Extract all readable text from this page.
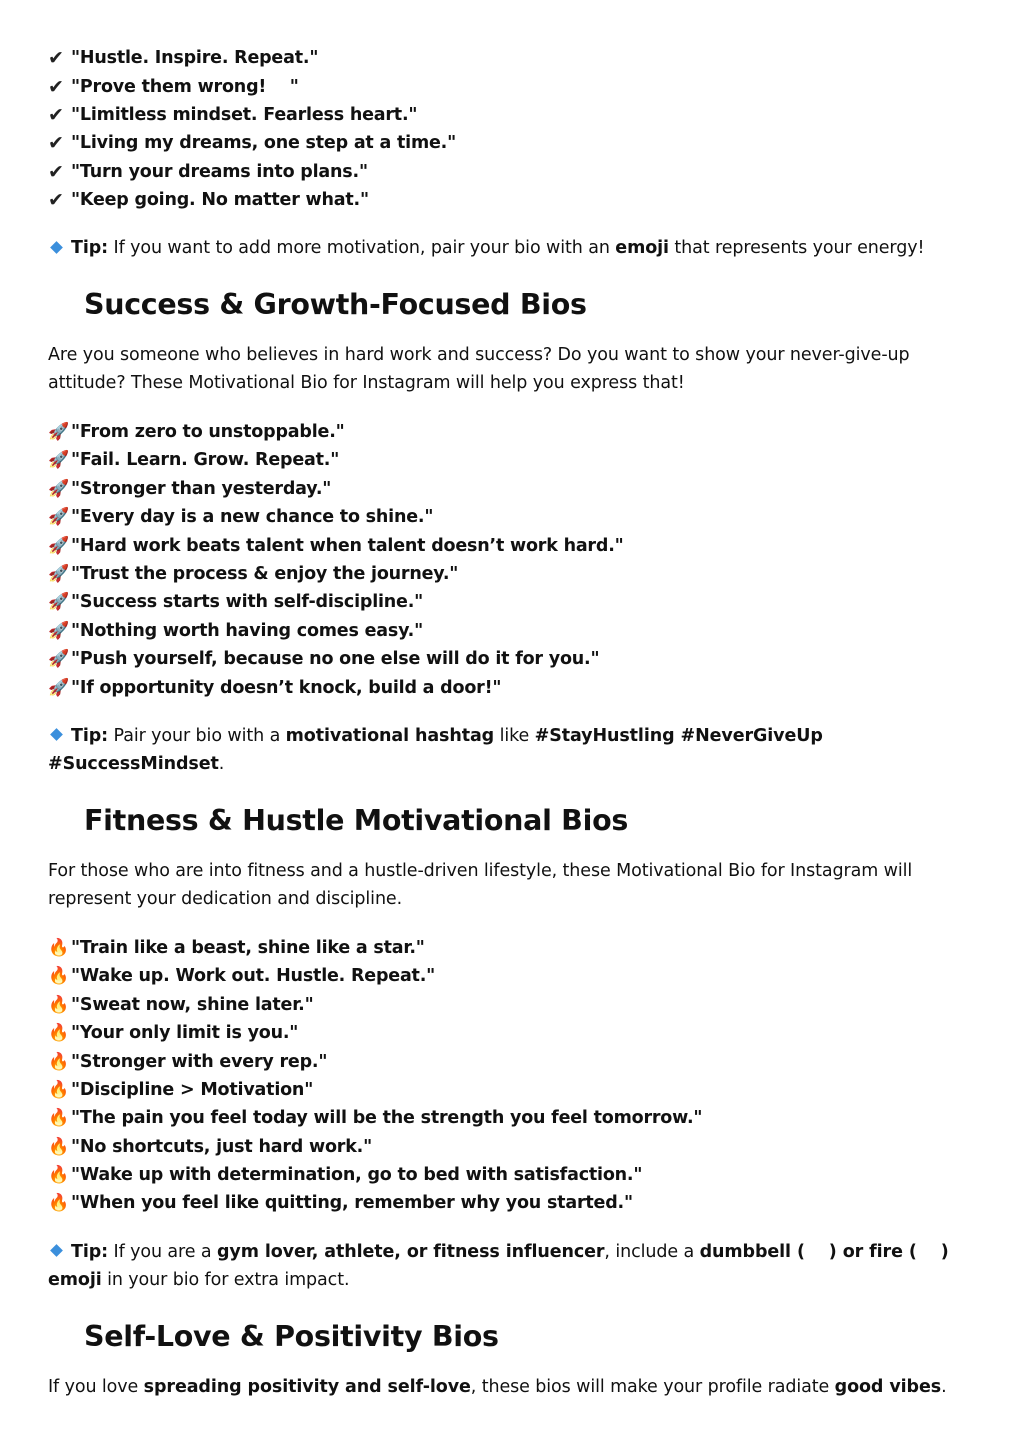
✔ "Hustle. Inspire. Repeat."
✔ "Prove them wrong!    "
✔ "Limitless mindset. Fearless heart."
✔ "Living my dreams, one step at a time."
✔ "Turn your dreams into plans."
✔ "Keep going. No matter what."

Tip: If you want to add more motivation, pair your bio with an emoji that represents your energy!

Success & Growth-Focused Bios

Are you someone who believes in hard work and success? Do you want to show your never-give-up attitude? These Motivational Bio for Instagram will help you express that!

🚀 "From zero to unstoppable."
🚀 "Fail. Learn. Grow. Repeat."
🚀 "Stronger than yesterday."
🚀 "Every day is a new chance to shine."
🚀 "Hard work beats talent when talent doesn’t work hard."
🚀 "Trust the process & enjoy the journey."
🚀 "Success starts with self-discipline."
🚀 "Nothing worth having comes easy."
🚀 "Push yourself, because no one else will do it for you."
🚀 "If opportunity doesn’t knock, build a door!"

Tip: Pair your bio with a motivational hashtag like #StayHustling #NeverGiveUp #SuccessMindset.

Fitness & Hustle Motivational Bios

For those who are into fitness and a hustle-driven lifestyle, these Motivational Bio for Instagram will represent your dedication and discipline.

🔥 "Train like a beast, shine like a star."
🔥 "Wake up. Work out. Hustle. Repeat."
🔥 "Sweat now, shine later."
🔥 "Your only limit is you."
🔥 "Stronger with every rep."
🔥 "Discipline > Motivation"
🔥 "The pain you feel today will be the strength you feel tomorrow."
🔥 "No shortcuts, just hard work."
🔥 "Wake up with determination, go to bed with satisfaction."
🔥 "When you feel like quitting, remember why you started."

Tip: If you are a gym lover, athlete, or fitness influencer, include a dumbbell (    ) or fire (    ) emoji in your bio for extra impact.

Self-Love & Positivity Bios

If you love spreading positivity and self-love, these bios will make your profile radiate good vibes.
